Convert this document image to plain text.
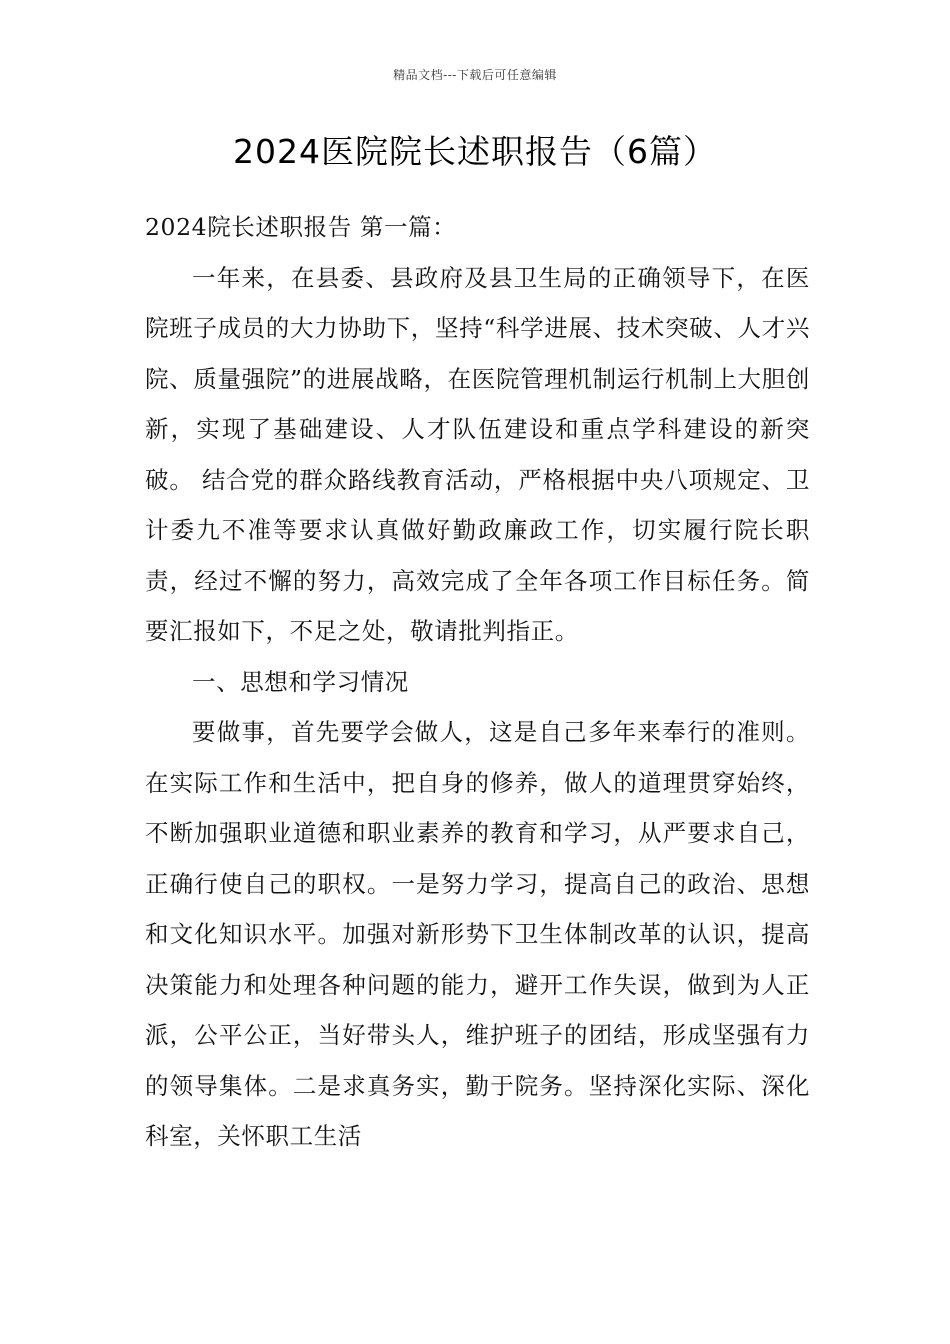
精品文档---下载后可任意编辑
2024医院院长述职报告（6篇）

2024院长述职报告 第一篇：

一年来，在县委、县政府及县卫生局的正确领导下，在医院班子成员的大力协助下，坚持“科学进展、技术突破、人才兴院、质量强院”的进展战略，在医院管理机制运行机制上大胆创新，实现了基础建设、人才队伍建设和重点学科建设的新突破。 结合党的群众路线教育活动，严格根据中央八项规定、卫计委九不准等要求认真做好勤政廉政工作，切实履行院长职责，经过不懈的努力，高效完成了全年各项工作目标任务。简要汇报如下，不足之处，敬请批判指正。

一、思想和学习情况

要做事，首先要学会做人，这是自己多年来奉行的准则。在实际工作和生活中，把自身的修养，做人的道理贯穿始终，不断加强职业道德和职业素养的教育和学习，从严要求自己，正确行使自己的职权。一是努力学习，提高自己的政治、思想和文化知识水平。加强对新形势下卫生体制改革的认识，提高决策能力和处理各种问题的能力，避开工作失误，做到为人正派，公平公正，当好带头人，维护班子的团结，形成坚强有力的领导集体。二是求真务实，勤于院务。坚持深化实际、深化科室，关怀职工生活
